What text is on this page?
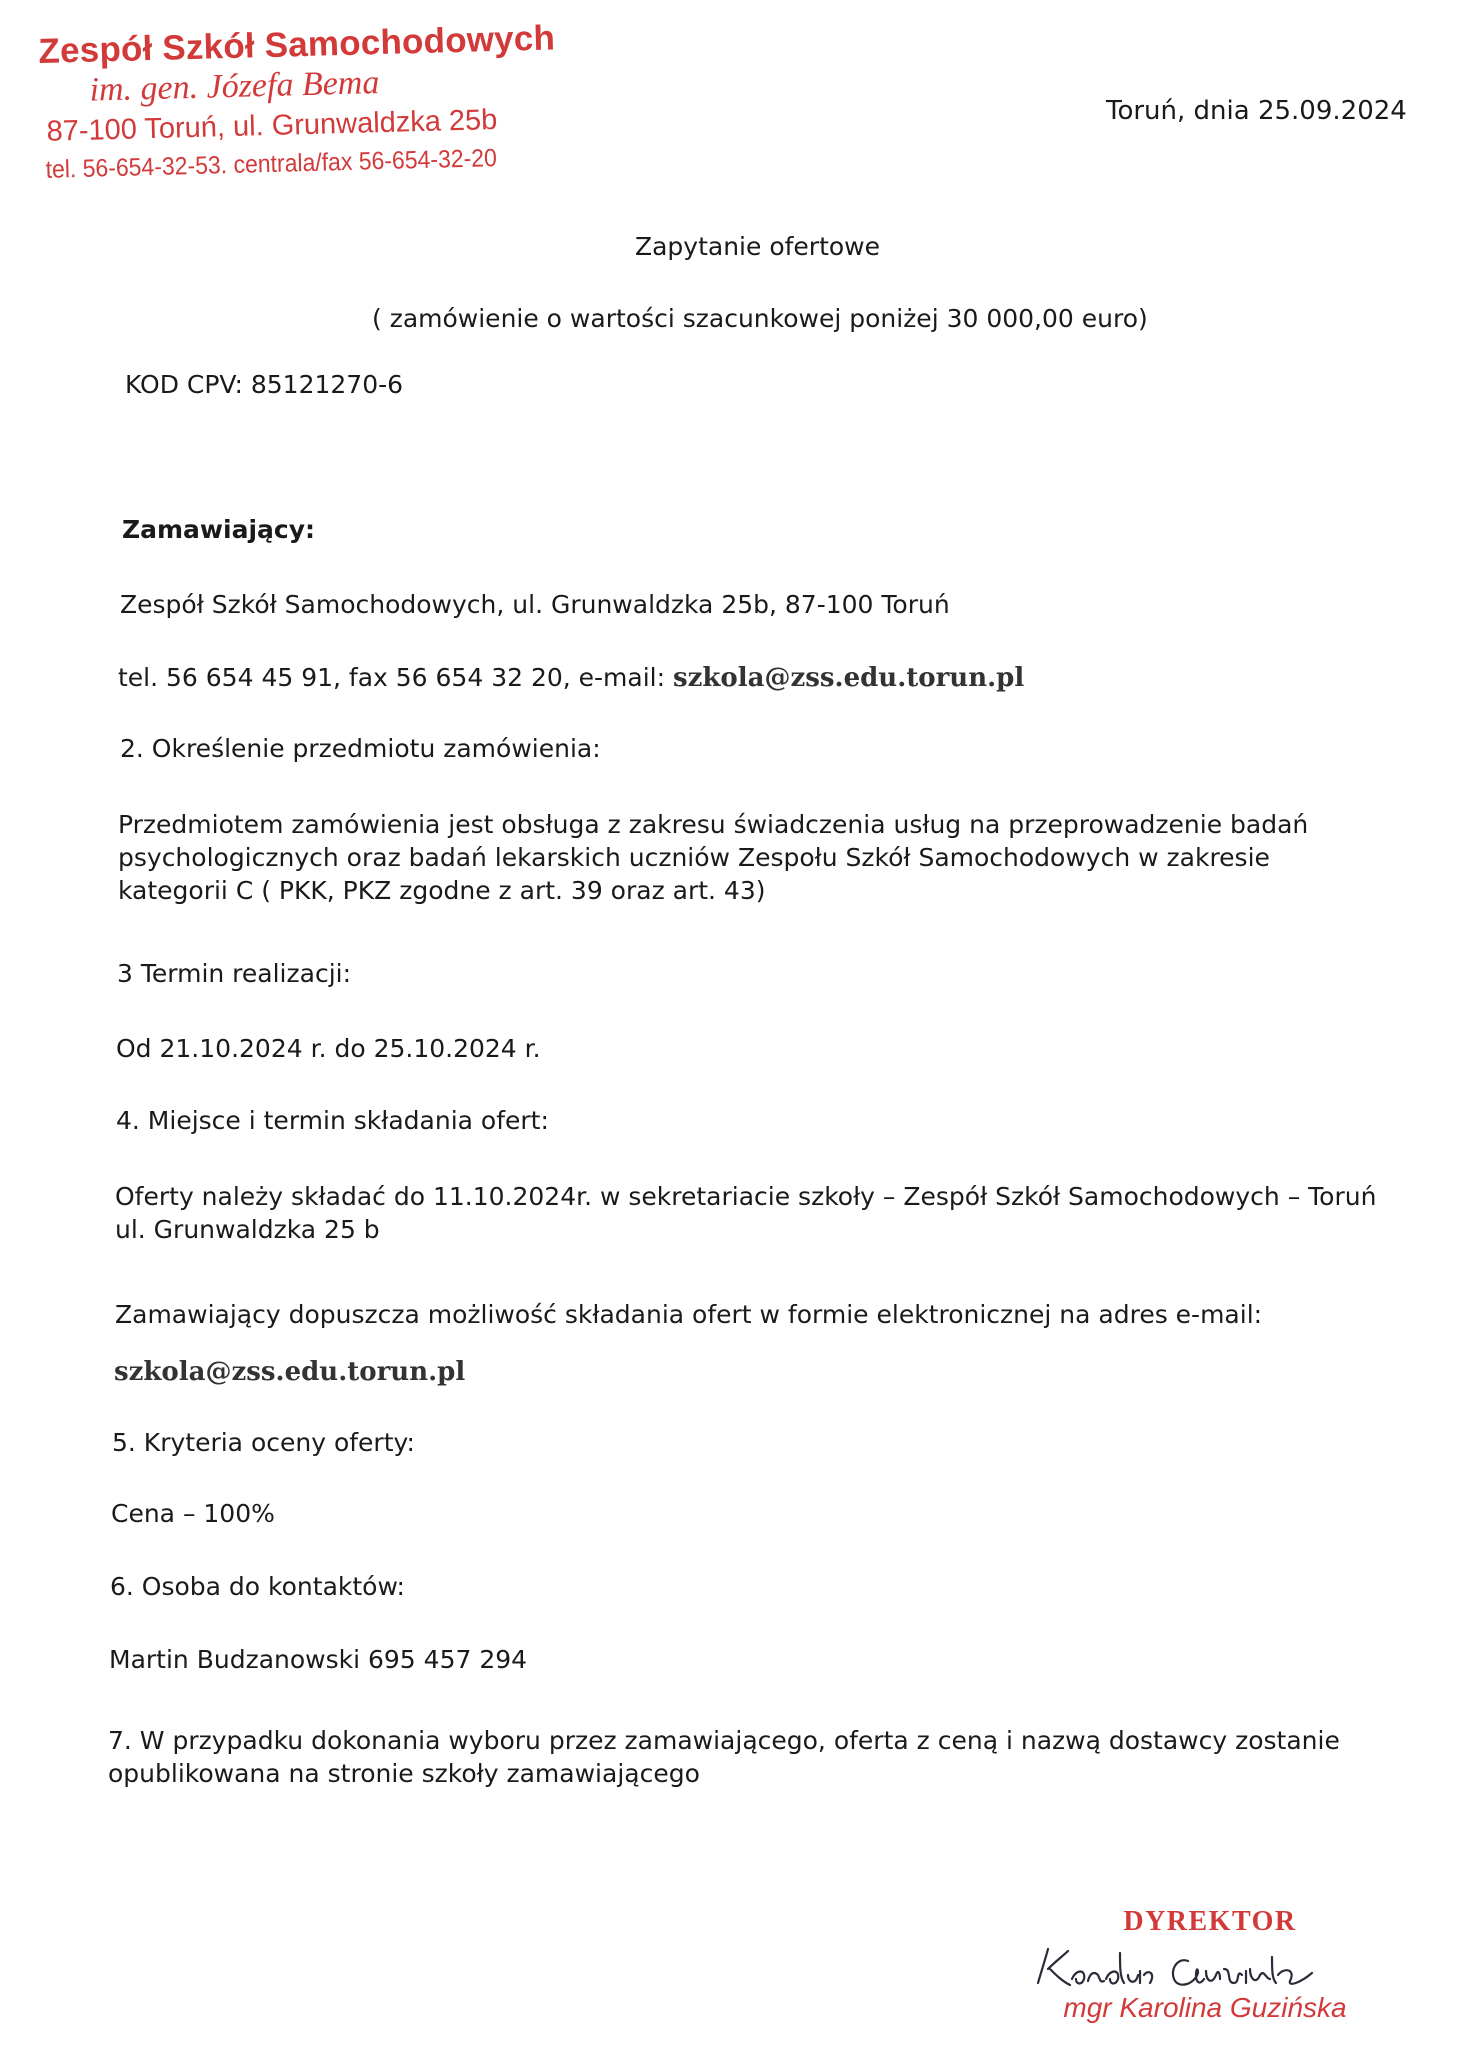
Zespół Szkół Samochodowych
im. gen. Józefa Bema
87-100 Toruń, ul. Grunwaldzka 25b
tel. 56-654-32-53. centrala/fax 56-654-32-20
Toruń, dnia 25.09.2024
Zapytanie ofertowe
( zamówienie o wartości szacunkowej poniżej 30 000,00 euro)
KOD CPV: 85121270-6
Zamawiający:
Zespół Szkół Samochodowych, ul. Grunwaldzka 25b, 87-100 Toruń
tel. 56 654 45 91, fax 56 654 32 20, e-mail: szkola@zss.edu.torun.pl
2. Określenie przedmiotu zamówienia:
Przedmiotem zamówienia jest obsługa z zakresu świadczenia usług na przeprowadzenie badań psychologicznych oraz badań lekarskich uczniów Zespołu Szkół Samochodowych w zakresie kategorii C ( PKK, PKZ zgodne z art. 39 oraz art. 43)
3 Termin realizacji:
Od 21.10.2024 r. do 25.10.2024 r.
4. Miejsce i termin składania ofert:
Oferty należy składać do 11.10.2024r. w sekretariacie szkoły – Zespół Szkół Samochodowych – Toruń ul. Grunwaldzka 25 b
Zamawiający dopuszcza możliwość składania ofert w formie elektronicznej na adres e-mail:
szkola@zss.edu.torun.pl
5. Kryteria oceny oferty:
Cena – 100%
6. Osoba do kontaktów:
Martin Budzanowski 695 457 294
7. W przypadku dokonania wyboru przez zamawiającego, oferta z ceną i nazwą dostawcy zostanie opublikowana na stronie szkoły zamawiającego
DYREKTOR
mgr Karolina Guzińska
